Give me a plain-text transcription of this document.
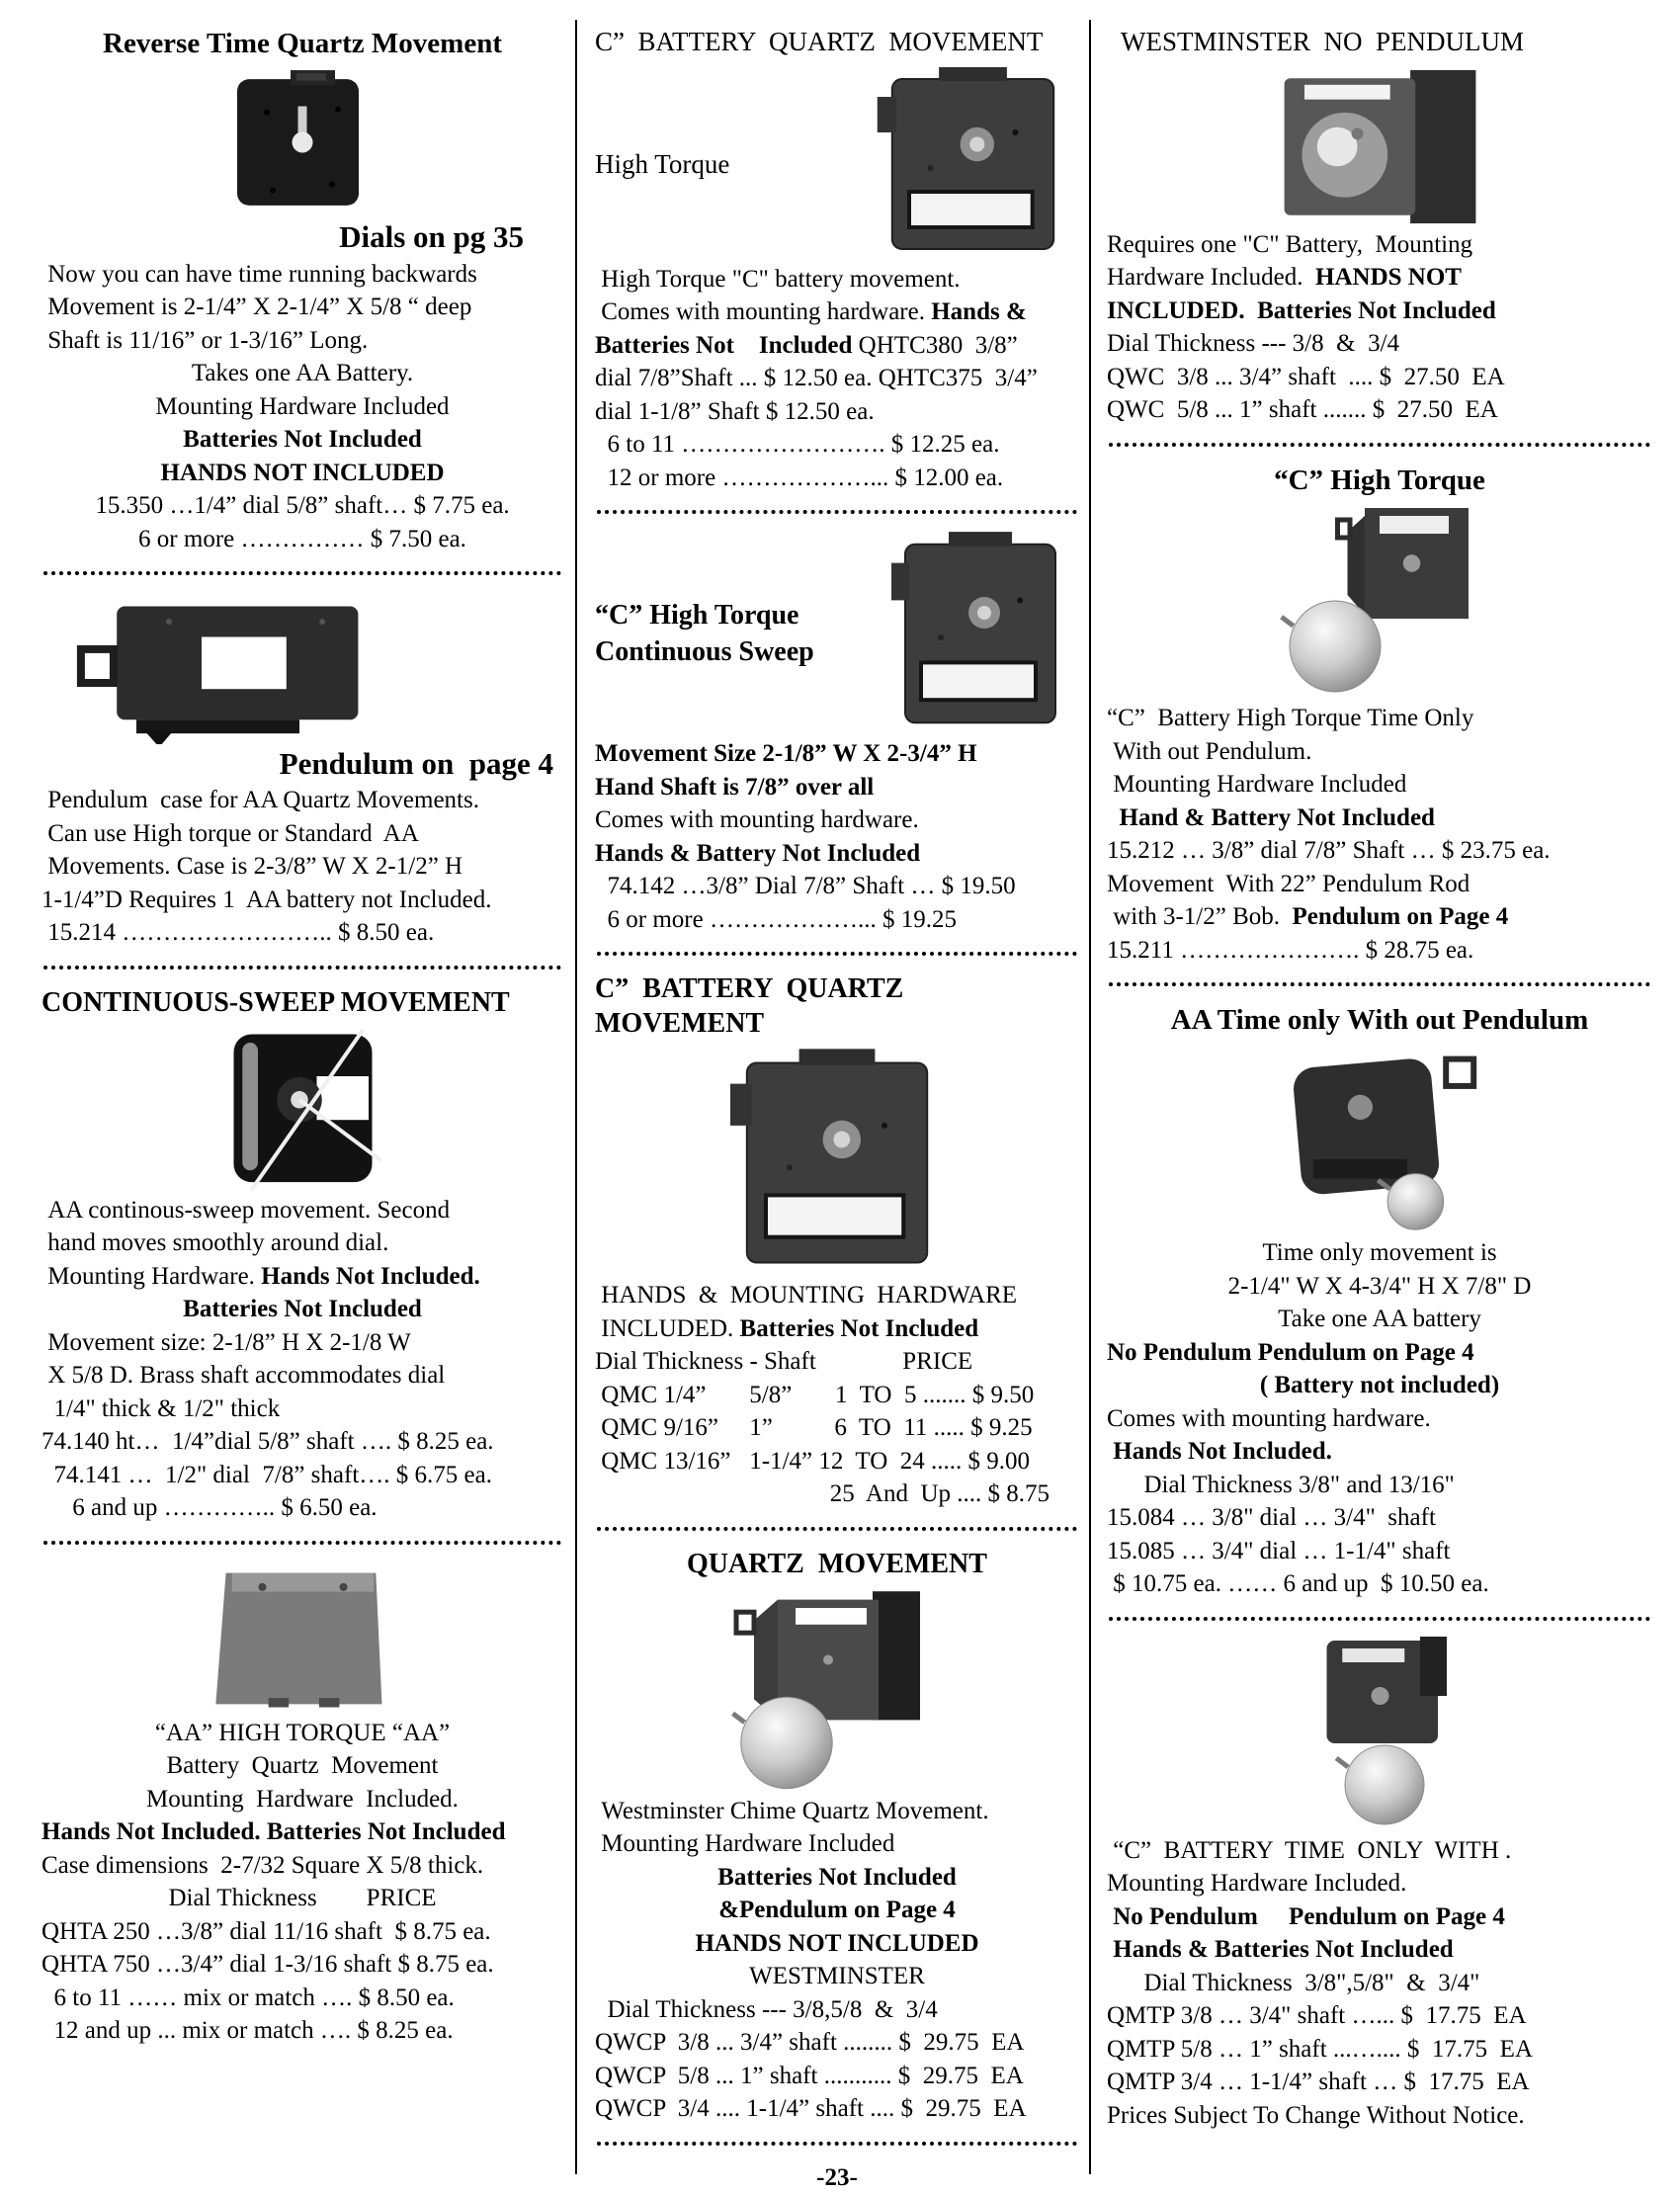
Reverse Time Quartz Movement
Dials on pg 35
Now you can have time running backwards
Movement is 2-1/4” X 2-1/4” X 5/8 “ deep
Shaft is 11/16” or 1-3/16” Long.
Takes one AA Battery.
Mounting Hardware Included
Batteries Not Included
HANDS NOT INCLUDED
15.350 …1/4” dial 5/8” shaft… $ 7.75 ea.
6 or more …………… $ 7.50 ea.
Pendulum on  page 4
Pendulum  case for AA Quartz Movements.
Can use High torque or Standard  AA
Movements. Case is 2-3/8” W X 2-1/2” H
1-1/4”D Requires 1  AA battery not Included.
15.214 …………………….. $ 8.50 ea.
CONTINUOUS-SWEEP MOVEMENT
AA continous-sweep movement. Second
hand moves smoothly around dial.
Mounting Hardware. Hands Not Included.
Batteries Not Included
Movement size: 2-1/8” H X 2-1/8 W
X 5/8 D. Brass shaft accommodates dial
1/4" thick & 1/2" thick
74.140 ht…  1/4”dial 5/8” shaft …. $ 8.25 ea.
74.141 …  1/2" dial  7/8” shaft…. $ 6.75 ea.
6 and up ………….. $ 6.50 ea.
“AA” HIGH TORQUE “AA”
Battery  Quartz  Movement
Mounting  Hardware  Included.
Hands Not Included. Batteries Not Included
Case dimensions  2-7/32 Square X 5/8 thick.
Dial Thickness        PRICE
QHTA 250 …3/8” dial 11/16 shaft  $ 8.75 ea.
QHTA 750 …3/4” dial 1-3/16 shaft $ 8.75 ea.
6 to 11 …… mix or match …. $ 8.50 ea.
12 and up ... mix or match …. $ 8.25 ea.
C”  BATTERY  QUARTZ  MOVEMENT
High Torque
High Torque "C" battery movement.
Comes with mounting hardware. Hands &
Batteries Not    Included QHTC380  3/8”
dial 7/8”Shaft ... $ 12.50 ea. QHTC375  3/4”
dial 1-1/8” Shaft $ 12.50 ea.
6 to 11 ……………………. $ 12.25 ea.
12 or more ………………... $ 12.00 ea.
“C” High Torque
Continuous Sweep
Movement Size 2-1/8” W X 2-3/4” H
Hand Shaft is 7/8” over all
Comes with mounting hardware.
Hands & Battery Not Included
74.142 …3/8” Dial 7/8” Shaft … $ 19.50
6 or more ………………... $ 19.25
C”  BATTERY  QUARTZ  MOVEMENT
HANDS  &  MOUNTING  HARDWARE
INCLUDED. Batteries Not Included
Dial Thickness - Shaft              PRICE
QMC 1/4”       5/8”       1  TO  5 ....... $ 9.50
QMC 9/16”     1”          6  TO  11 ..... $ 9.25
QMC 13/16”   1-1/4” 12  TO  24 ..... $ 9.00
25  And  Up .... $ 8.75
QUARTZ  MOVEMENT
Westminster Chime Quartz Movement.
Mounting Hardware Included
Batteries Not Included
&Pendulum on Page 4
HANDS NOT INCLUDED
WESTMINSTER
Dial Thickness --- 3/8,5/8  &  3/4
QWCP  3/8 ... 3/4” shaft ........ $  29.75  EA
QWCP  5/8 ... 1” shaft ........... $  29.75  EA
QWCP  3/4 .... 1-1/4” shaft .... $  29.75  EA
-23-
WESTMINSTER  NO  PENDULUM
Requires one "C" Battery,  Mounting
Hardware Included.  HANDS NOT
INCLUDED.  Batteries Not Included
Dial Thickness --- 3/8  &  3/4
QWC  3/8 ... 3/4” shaft  .... $  27.50  EA
QWC  5/8 ... 1” shaft ....... $  27.50  EA
“C” High Torque
“C”  Battery High Torque Time Only
With out Pendulum.
Mounting Hardware Included
Hand & Battery Not Included
15.212 … 3/8” dial 7/8” Shaft … $ 23.75 ea.
Movement  With 22” Pendulum Rod
with 3-1/2” Bob.  Pendulum on Page 4
15.211 …………………. $ 28.75 ea.
AA Time only With out Pendulum
Time only movement is
2-1/4" W X 4-3/4" H X 7/8" D
Take one AA battery
No Pendulum Pendulum on Page 4
( Battery not included)
Comes with mounting hardware.
Hands Not Included.
Dial Thickness 3/8" and 13/16"
15.084 … 3/8" dial … 3/4"  shaft
15.085 … 3/4" dial … 1-1/4" shaft
$ 10.75 ea. …… 6 and up  $ 10.50 ea.
“C”  BATTERY  TIME  ONLY  WITH .
Mounting Hardware Included.
No Pendulum     Pendulum on Page 4
Hands & Batteries Not Included
Dial Thickness  3/8",5/8"  &  3/4"
QMTP 3/8 … 3/4" shaft …... $  17.75  EA
QMTP 5/8 … 1” shaft ...….... $  17.75  EA
QMTP 3/4 … 1-1/4” shaft … $  17.75  EA
Prices Subject To Change Without Notice.
